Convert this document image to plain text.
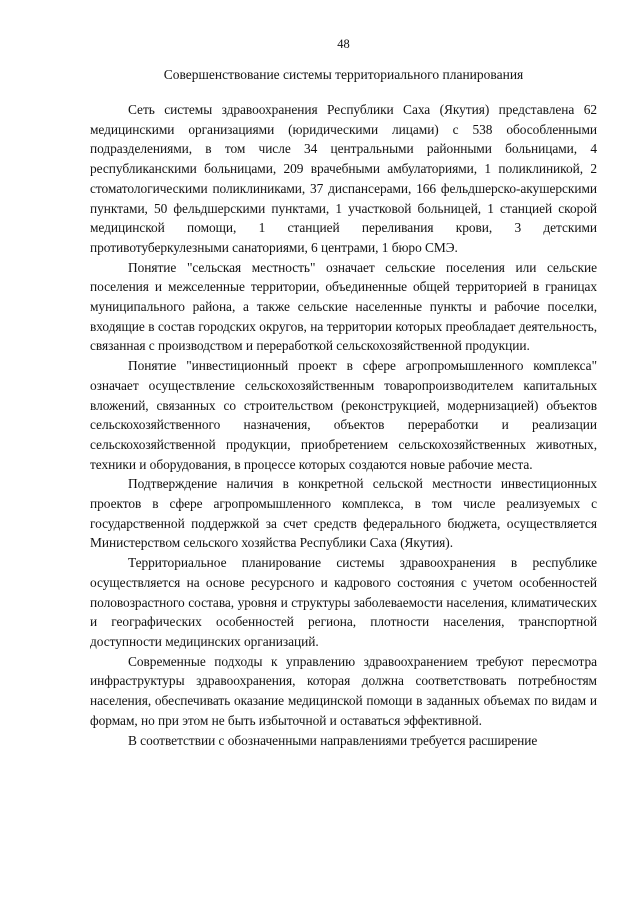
48
Совершенствование системы территориального планирования

Сеть системы здравоохранения Республики Саха (Якутия) представлена 62 медицинскими организациями (юридическими лицами) с 538 обособленными подразделениями, в том числе 34 центральными районными больницами, 4 республиканскими больницами, 209 врачебными амбулаториями, 1 поликлиникой, 2 стоматологическими поликлиниками, 37 диспансерами, 166 фельдшерско-акушерскими пунктами, 50 фельдшерскими пунктами, 1 участковой больницей, 1 станцией скорой медицинской помощи, 1 станцией переливания крови, 3 детскими противотуберкулезными санаториями, 6 центрами, 1 бюро СМЭ.

Понятие "сельская местность" означает сельские поселения или сельские поселения и межселенные территории, объединенные общей территорией в границах муниципального района, а также сельские населенные пункты и рабочие поселки, входящие в состав городских округов, на территории которых преобладает деятельность, связанная с производством и переработкой сельскохозяйственной продукции.

Понятие "инвестиционный проект в сфере агропромышленного комплекса" означает осуществление сельскохозяйственным товаропроизводителем капитальных вложений, связанных со строительством (реконструкцией, модернизацией) объектов сельскохозяйственного назначения, объектов переработки и реализации сельскохозяйственной продукции, приобретением сельскохозяйственных животных, техники и оборудования, в процессе которых создаются новые рабочие места.

Подтверждение наличия в конкретной сельской местности инвестиционных проектов в сфере агропромышленного комплекса, в том числе реализуемых с государственной поддержкой за счет средств федерального бюджета, осуществляется Министерством сельского хозяйства Республики Саха (Якутия).

Территориальное планирование системы здравоохранения в республике осуществляется на основе ресурсного и кадрового состояния с учетом особенностей половозрастного состава, уровня и структуры заболеваемости населения, климатических и географических особенностей региона, плотности населения, транспортной доступности медицинских организаций.

Современные подходы к управлению здравоохранением требуют пересмотра инфраструктуры здравоохранения, которая должна соответствовать потребностям населения, обеспечивать оказание медицинской помощи в заданных объемах по видам и формам, но при этом не быть избыточной и оставаться эффективной.

В соответствии с обозначенными направлениями требуется расширение
